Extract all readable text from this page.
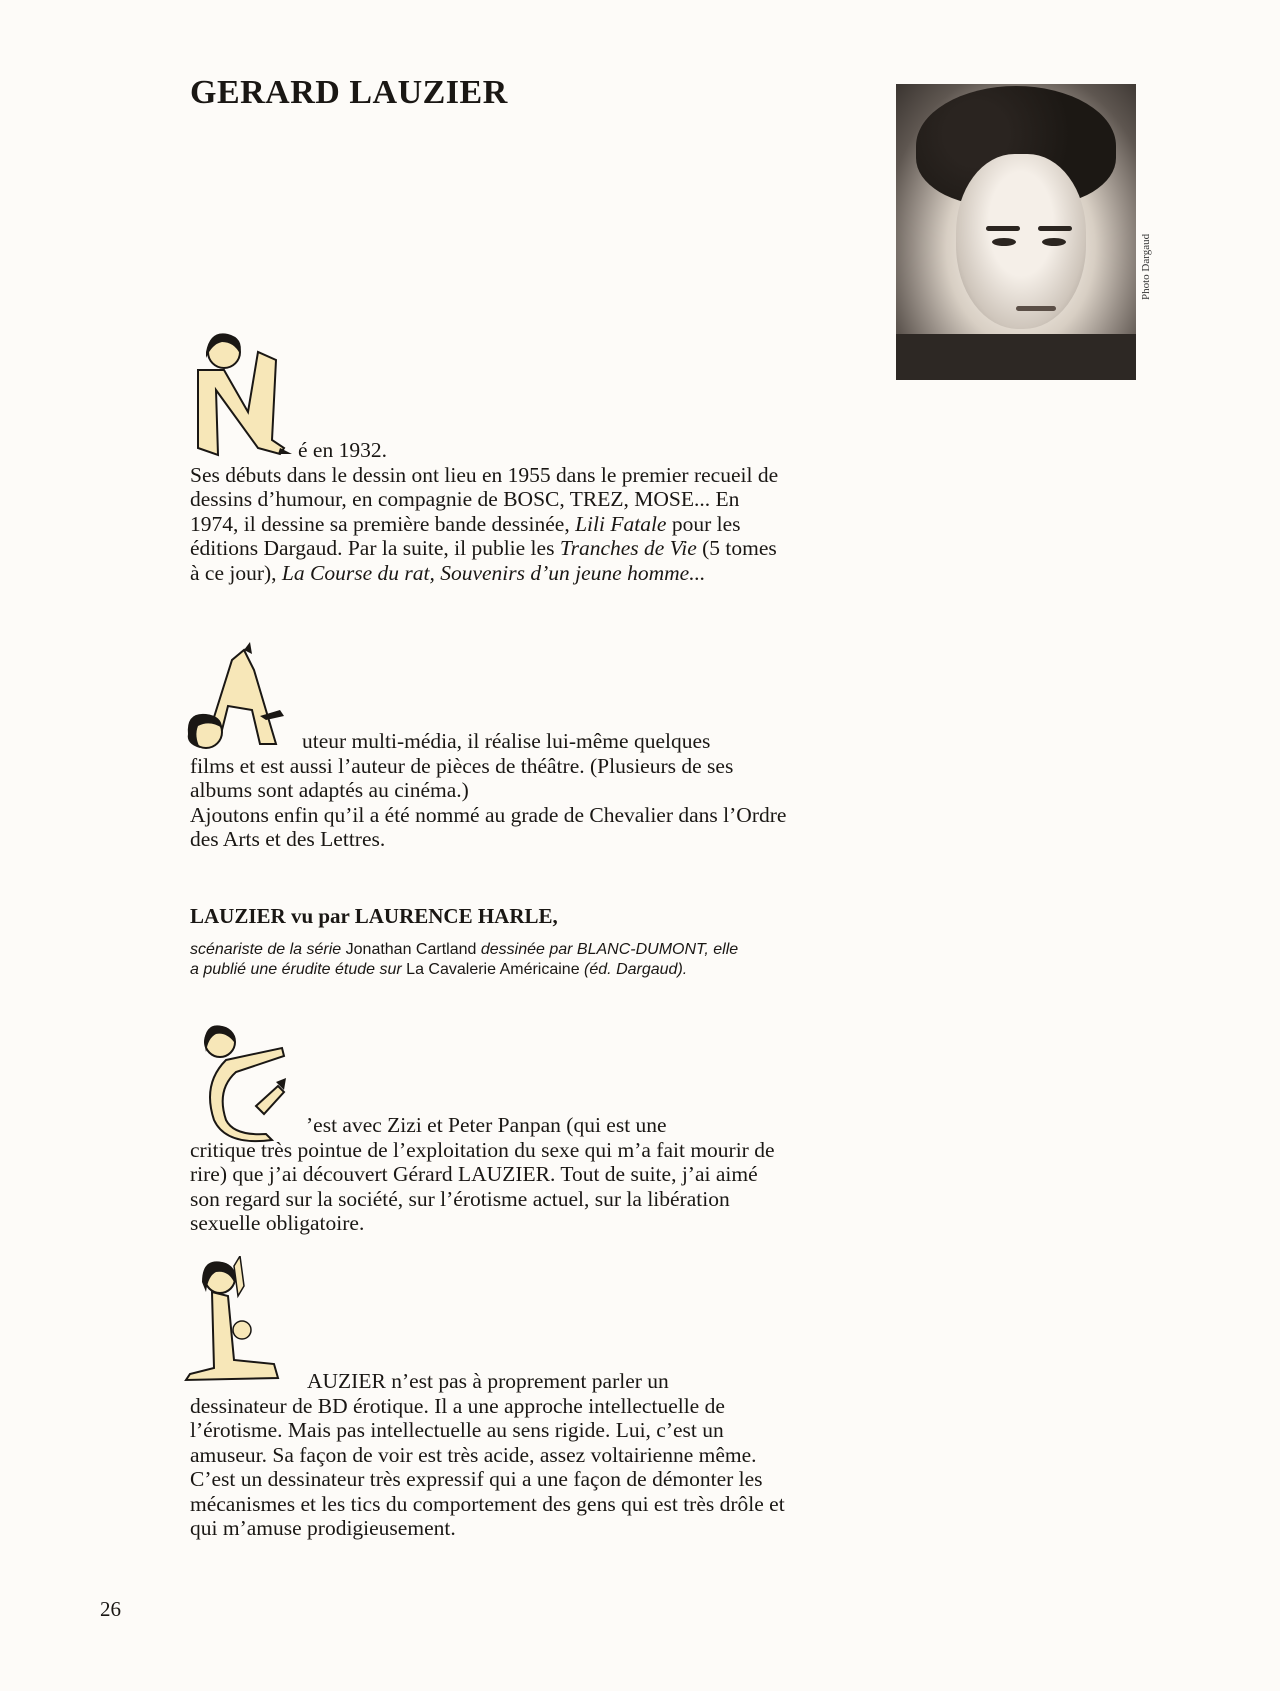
GERARD LAUZIER
Photo Dargaud

é en 1932.
Ses débuts dans le dessin ont lieu en 1955 dans le premier recueil de dessins d’humour, en compagnie de BOSC, TREZ, MOSE... En 1974, il dessine sa première bande dessinée, Lili Fatale pour les éditions Dargaud. Par la suite, il publie les Tranches de Vie (5 tomes à ce jour), La Course du rat, Souvenirs d’un jeune homme...

uteur multi-média, il réalise lui-même quelques
films et est aussi l’auteur de pièces de théâtre. (Plusieurs de ses albums sont adaptés au cinéma.)
Ajoutons enfin qu’il a été nommé au grade de Chevalier dans l’Ordre des Arts et des Lettres.

LAUZIER vu par LAURENCE HARLE,

scénariste de la série Jonathan Cartland dessinée par BLANC-DUMONT, elle a publié une érudite étude sur La Cavalerie Américaine (éd. Dargaud).

’est avec Zizi et Peter Panpan (qui est une
critique très pointue de l’exploitation du sexe qui m’a fait mourir de rire) que j’ai découvert Gérard LAUZIER. Tout de suite, j’ai aimé son regard sur la société, sur l’érotisme actuel, sur la libération sexuelle obligatoire.

AUZIER n’est pas à proprement parler un
dessinateur de BD érotique. Il a une approche intellectuelle de l’érotisme. Mais pas intellectuelle au sens rigide. Lui, c’est un amuseur. Sa façon de voir est très acide, assez voltairienne même. C’est un dessinateur très expressif qui a une façon de démonter les mécanismes et les tics du comportement des gens qui est très drôle et qui m’amuse prodigieusement.

26
